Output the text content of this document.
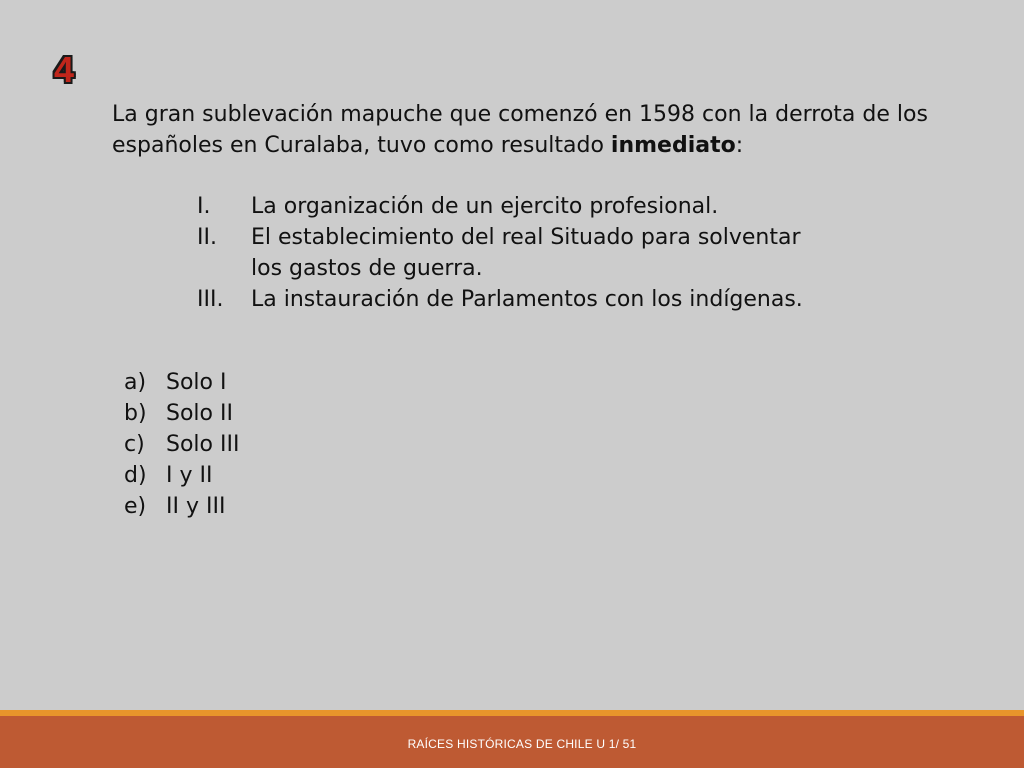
4

La gran sublevación mapuche que comenzó en 1598 con la derrota de los españoles en Curalaba, tuvo como resultado inmediato:

I.	La organización de un ejercito profesional.
II.	El establecimiento del real Situado para solventar los gastos de guerra.
III.	La instauración de Parlamentos con los indígenas.
a) Solo I
b) Solo II
c) Solo III
d) I y II
e) II y III
RAÍCES HISTÓRICAS DE CHILE U 1/ 51
